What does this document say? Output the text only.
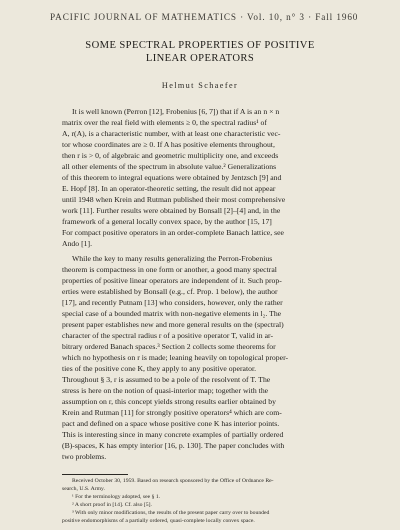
PACIFIC JOURNAL OF MATHEMATICS · Vol. 10, n° 3 · Fall 1960
SOME SPECTRAL PROPERTIES OF POSITIVE
LINEAR OPERATORS
Helmut Schaefer
It is well known (Perron [12], Frobenius [6, 7]) that if A is an n × n
matrix over the real field with elements ≥ 0, the spectral radius¹ of
A, r(A), is a characteristic number, with at least one characteristic vec-
tor whose coordinates are ≥ 0. If A has positive elements throughout,
then r is > 0, of algebraic and geometric multiplicity one, and exceeds
all other elements of the spectrum in absolute value.² Generalizations
of this theorem to integral equations were obtained by Jentzsch [9] and
E. Hopf [8]. In an operator-theoretic setting, the result did not appear
until 1948 when Krein and Rutman published their most comprehensive
work [11]. Further results were obtained by Bonsall [2]–[4] and, in the
framework of a general locally convex space, by the author [15, 17]
For compact positive operators in an order-complete Banach lattice, see
Ando [1].
While the key to many results generalizing the Perron-Frobenius
theorem is compactness in one form or another, a good many spectral
properties of positive linear operators are independent of it. Such prop-
erties were established by Bonsall (e.g., cf. Prop. 1 below), the author
[17], and recently Putnam [13] who considers, however, only the rather
special case of a bounded matrix with non-negative elements in l₂. The
present paper establishes new and more general results on the (spectral)
character of the spectral radius r of a positive operator T, valid in ar-
bitrary ordered Banach spaces.³ Section 2 collects some theorems for
which no hypothesis on r is made; leaning heavily on topological proper-
ties of the positive cone K, they apply to any positive operator.
Throughout § 3, r is assumed to be a pole of the resolvent of T. The
stress is here on the notion of quasi-interior map; together with the
assumption on r, this concept yields strong results earlier obtained by
Krein and Rutman [11] for strongly positive operators⁴ which are com-
pact and defined on a space whose positive cone K has interior points.
This is interesting since in many concrete examples of partially ordered
(B)-spaces, K has empty interior [16, p. 130]. The paper concludes with
two problems.
Received October 30, 1959. Based on research sponsored by the Office of Ordnance Re-
search, U.S. Army.
¹ For the terminology adopted, see § 1.
² A short proof in [14]. Cf. also [5].
³ With only minor modifications, the results of the present paper carry over to bounded
positive endomorphisms of a partially ordered, quasi-complete locally convex space.
